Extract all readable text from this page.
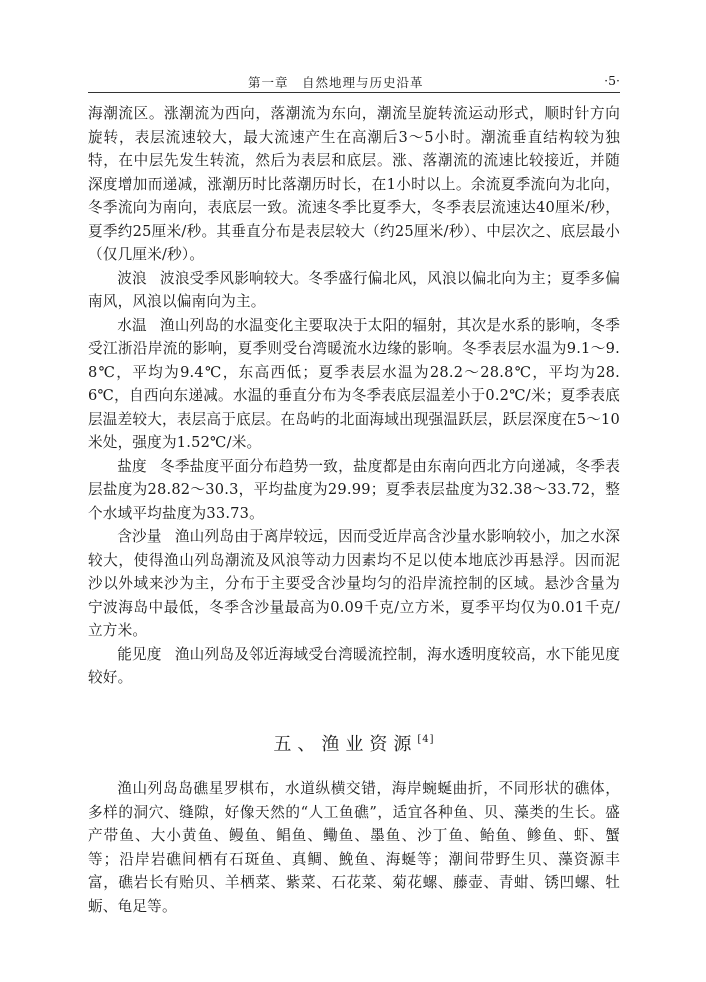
第一章　自然地理与历史沿革	·5·

海潮流区。涨潮流为西向，落潮流为东向，潮流呈旋转流运动形式，顺时针方向旋转，表层流速较大，最大流速产生在高潮后3～5小时。潮流垂直结构较为独特，在中层先发生转流，然后为表层和底层。涨、落潮流的流速比较接近，并随深度增加而递减，涨潮历时比落潮历时长，在1小时以上。余流夏季流向为北向，冬季流向为南向，表底层一致。流速冬季比夏季大，冬季表层流速达40厘米/秒，夏季约25厘米/秒。其垂直分布是表层较大（约25厘米/秒）、中层次之、底层最小（仅几厘米/秒）。

波浪 波浪受季风影响较大。冬季盛行偏北风，风浪以偏北向为主；夏季多偏南风，风浪以偏南向为主。

水温 渔山列岛的水温变化主要取决于太阳的辐射，其次是水系的影响，冬季受江浙沿岸流的影响，夏季则受台湾暖流水边缘的影响。冬季表层水温为9.1～9.8℃，平均为9.4℃，东高西低；夏季表层水温为28.2～28.8℃，平均为28.6℃，自西向东递减。水温的垂直分布为冬季表底层温差小于0.2℃/米；夏季表底层温差较大，表层高于底层。在岛屿的北面海域出现强温跃层，跃层深度在5～10米处，强度为1.52℃/米。

盐度 冬季盐度平面分布趋势一致，盐度都是由东南向西北方向递减，冬季表层盐度为28.82～30.3，平均盐度为29.99；夏季表层盐度为32.38～33.72，整个水域平均盐度为33.73。

含沙量 渔山列岛由于离岸较远，因而受近岸高含沙量水影响较小，加之水深较大，使得渔山列岛潮流及风浪等动力因素均不足以使本地底沙再悬浮。因而泥沙以外域来沙为主，分布于主要受含沙量均匀的沿岸流控制的区域。悬沙含量为宁波海岛中最低，冬季含沙量最高为0.09千克/立方米，夏季平均仅为0.01千克/立方米。

能见度 渔山列岛及邻近海域受台湾暖流控制，海水透明度较高，水下能见度较好。

五、渔业资源[4]

渔山列岛岛礁星罗棋布，水道纵横交错，海岸蜿蜒曲折，不同形状的礁体，多样的洞穴、缝隙，好像天然的“人工鱼礁”，适宜各种鱼、贝、藻类的生长。盛产带鱼、大小黄鱼、鳗鱼、鲳鱼、鳓鱼、墨鱼、沙丁鱼、鲐鱼、鲹鱼、虾、蟹等；沿岸岩礁间栖有石斑鱼、真鲷、鮸鱼、海蜒等；潮间带野生贝、藻资源丰富，礁岩长有贻贝、羊栖菜、紫菜、石花菜、菊花螺、藤壶、青蚶、锈凹螺、牡蛎、龟足等。
